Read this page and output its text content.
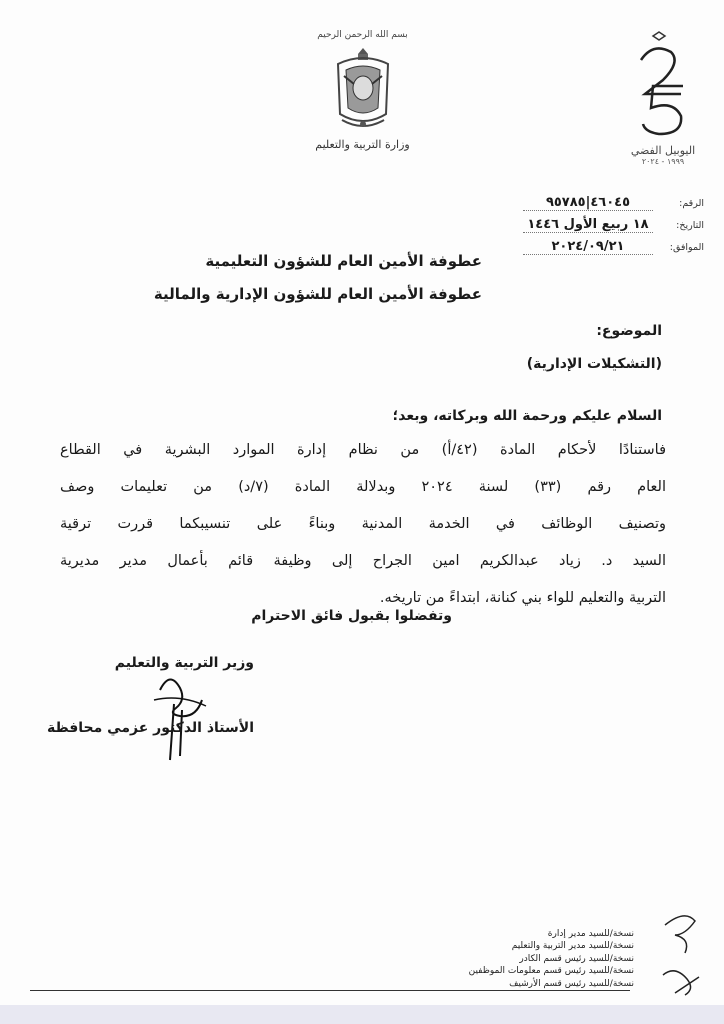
بسم الله الرحمن الرحيم
وزارة التربية والتعليم	اليوبيل الفضي
١٩٩٩ - ٢٠٢٤
الرقم:
٤٦٠٤٥|٩٥٧٨٥
التاريخ:
١٨ ربيع الأول ١٤٤٦
الموافق:
٢٠٢٤/٠٩/٢١
عطوفة الأمين العام للشؤون التعليمية
عطوفة الأمين العام للشؤون الإدارية والمالية
الموضوع:
(التشكيلات الإدارية)
السلام عليكم ورحمة الله وبركاته، وبعد؛
فاستنادًا لأحكام المادة (٤٢/أ) من نظام إدارة الموارد البشرية في القطاع
العام رقم (٣٣) لسنة ٢٠٢٤ وبدلالة المادة (٧/د) من تعليمات وصف
وتصنيف الوظائف في الخدمة المدنية وبناءً على تنسيبكما قررت ترقية
السيد د. زياد عبدالكريم امين الجراح إلى وظيفة قائم بأعمال مدير مديرية
التربية والتعليم للواء بني كنانة، ابتداءً من تاريخه.
وتفضلوا بقبول فائق الاحترام
وزير التربية والتعليم
الأستاذ الدكتور عزمي محافظة
نسخة/للسيد مدير إدارة
نسخة/للسيد مدير التربية والتعليم
نسخة/للسيد رئيس قسم الكادر
نسخة/للسيد رئيس قسم معلومات الموظفين
نسخة/للسيد رئيس قسم الأرشيف
